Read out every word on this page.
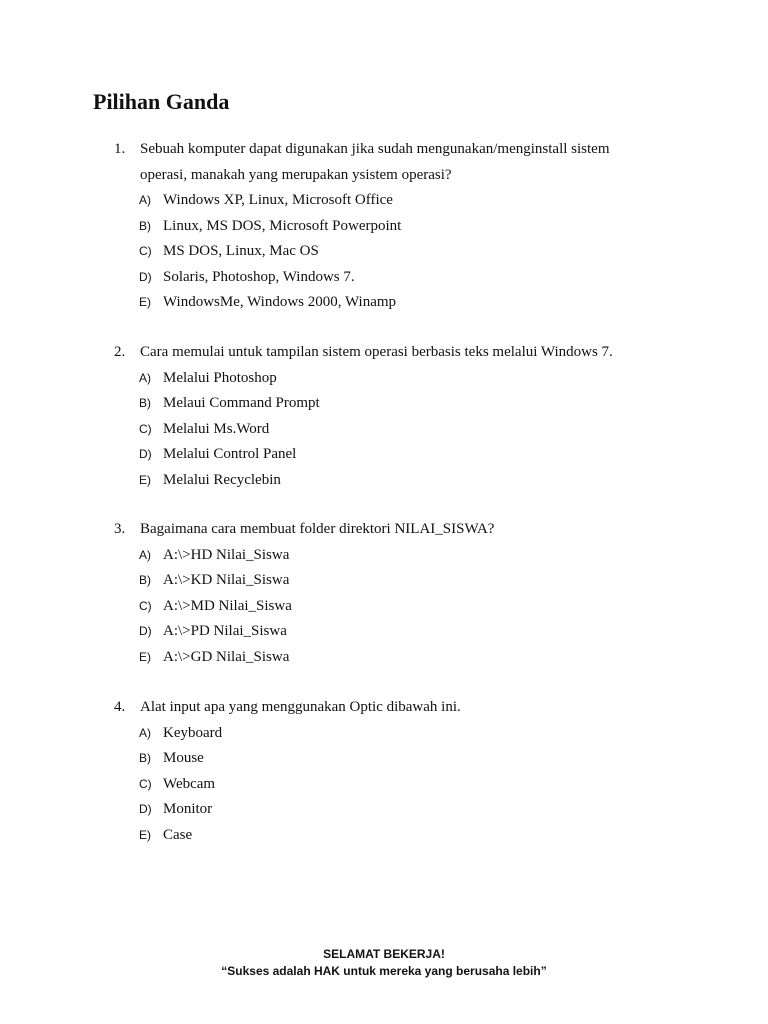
Pilihan Ganda
1. Sebuah komputer dapat digunakan jika sudah mengunakan/menginstall sistem
operasi, manakah yang merupakan ysistem operasi?
A) Windows XP, Linux, Microsoft Office
B) Linux, MS DOS, Microsoft Powerpoint
C) MS DOS, Linux, Mac OS
D) Solaris, Photoshop, Windows 7.
E) WindowsMe, Windows 2000, Winamp
2. Cara memulai untuk tampilan sistem operasi berbasis teks melalui Windows 7.
A) Melalui Photoshop
B) Melaui Command Prompt
C) Melalui Ms.Word
D) Melalui Control Panel
E) Melalui Recyclebin
3. Bagaimana cara membuat folder direktori NILAI_SISWA?
A) A:\>HD Nilai_Siswa
B) A:\>KD Nilai_Siswa
C) A:\>MD Nilai_Siswa
D) A:\>PD Nilai_Siswa
E) A:\>GD Nilai_Siswa
4. Alat input apa yang menggunakan Optic dibawah ini.
A) Keyboard
B) Mouse
C) Webcam
D) Monitor
E) Case
SELAMAT BEKERJA!
“Sukses adalah HAK untuk mereka yang berusaha lebih”
